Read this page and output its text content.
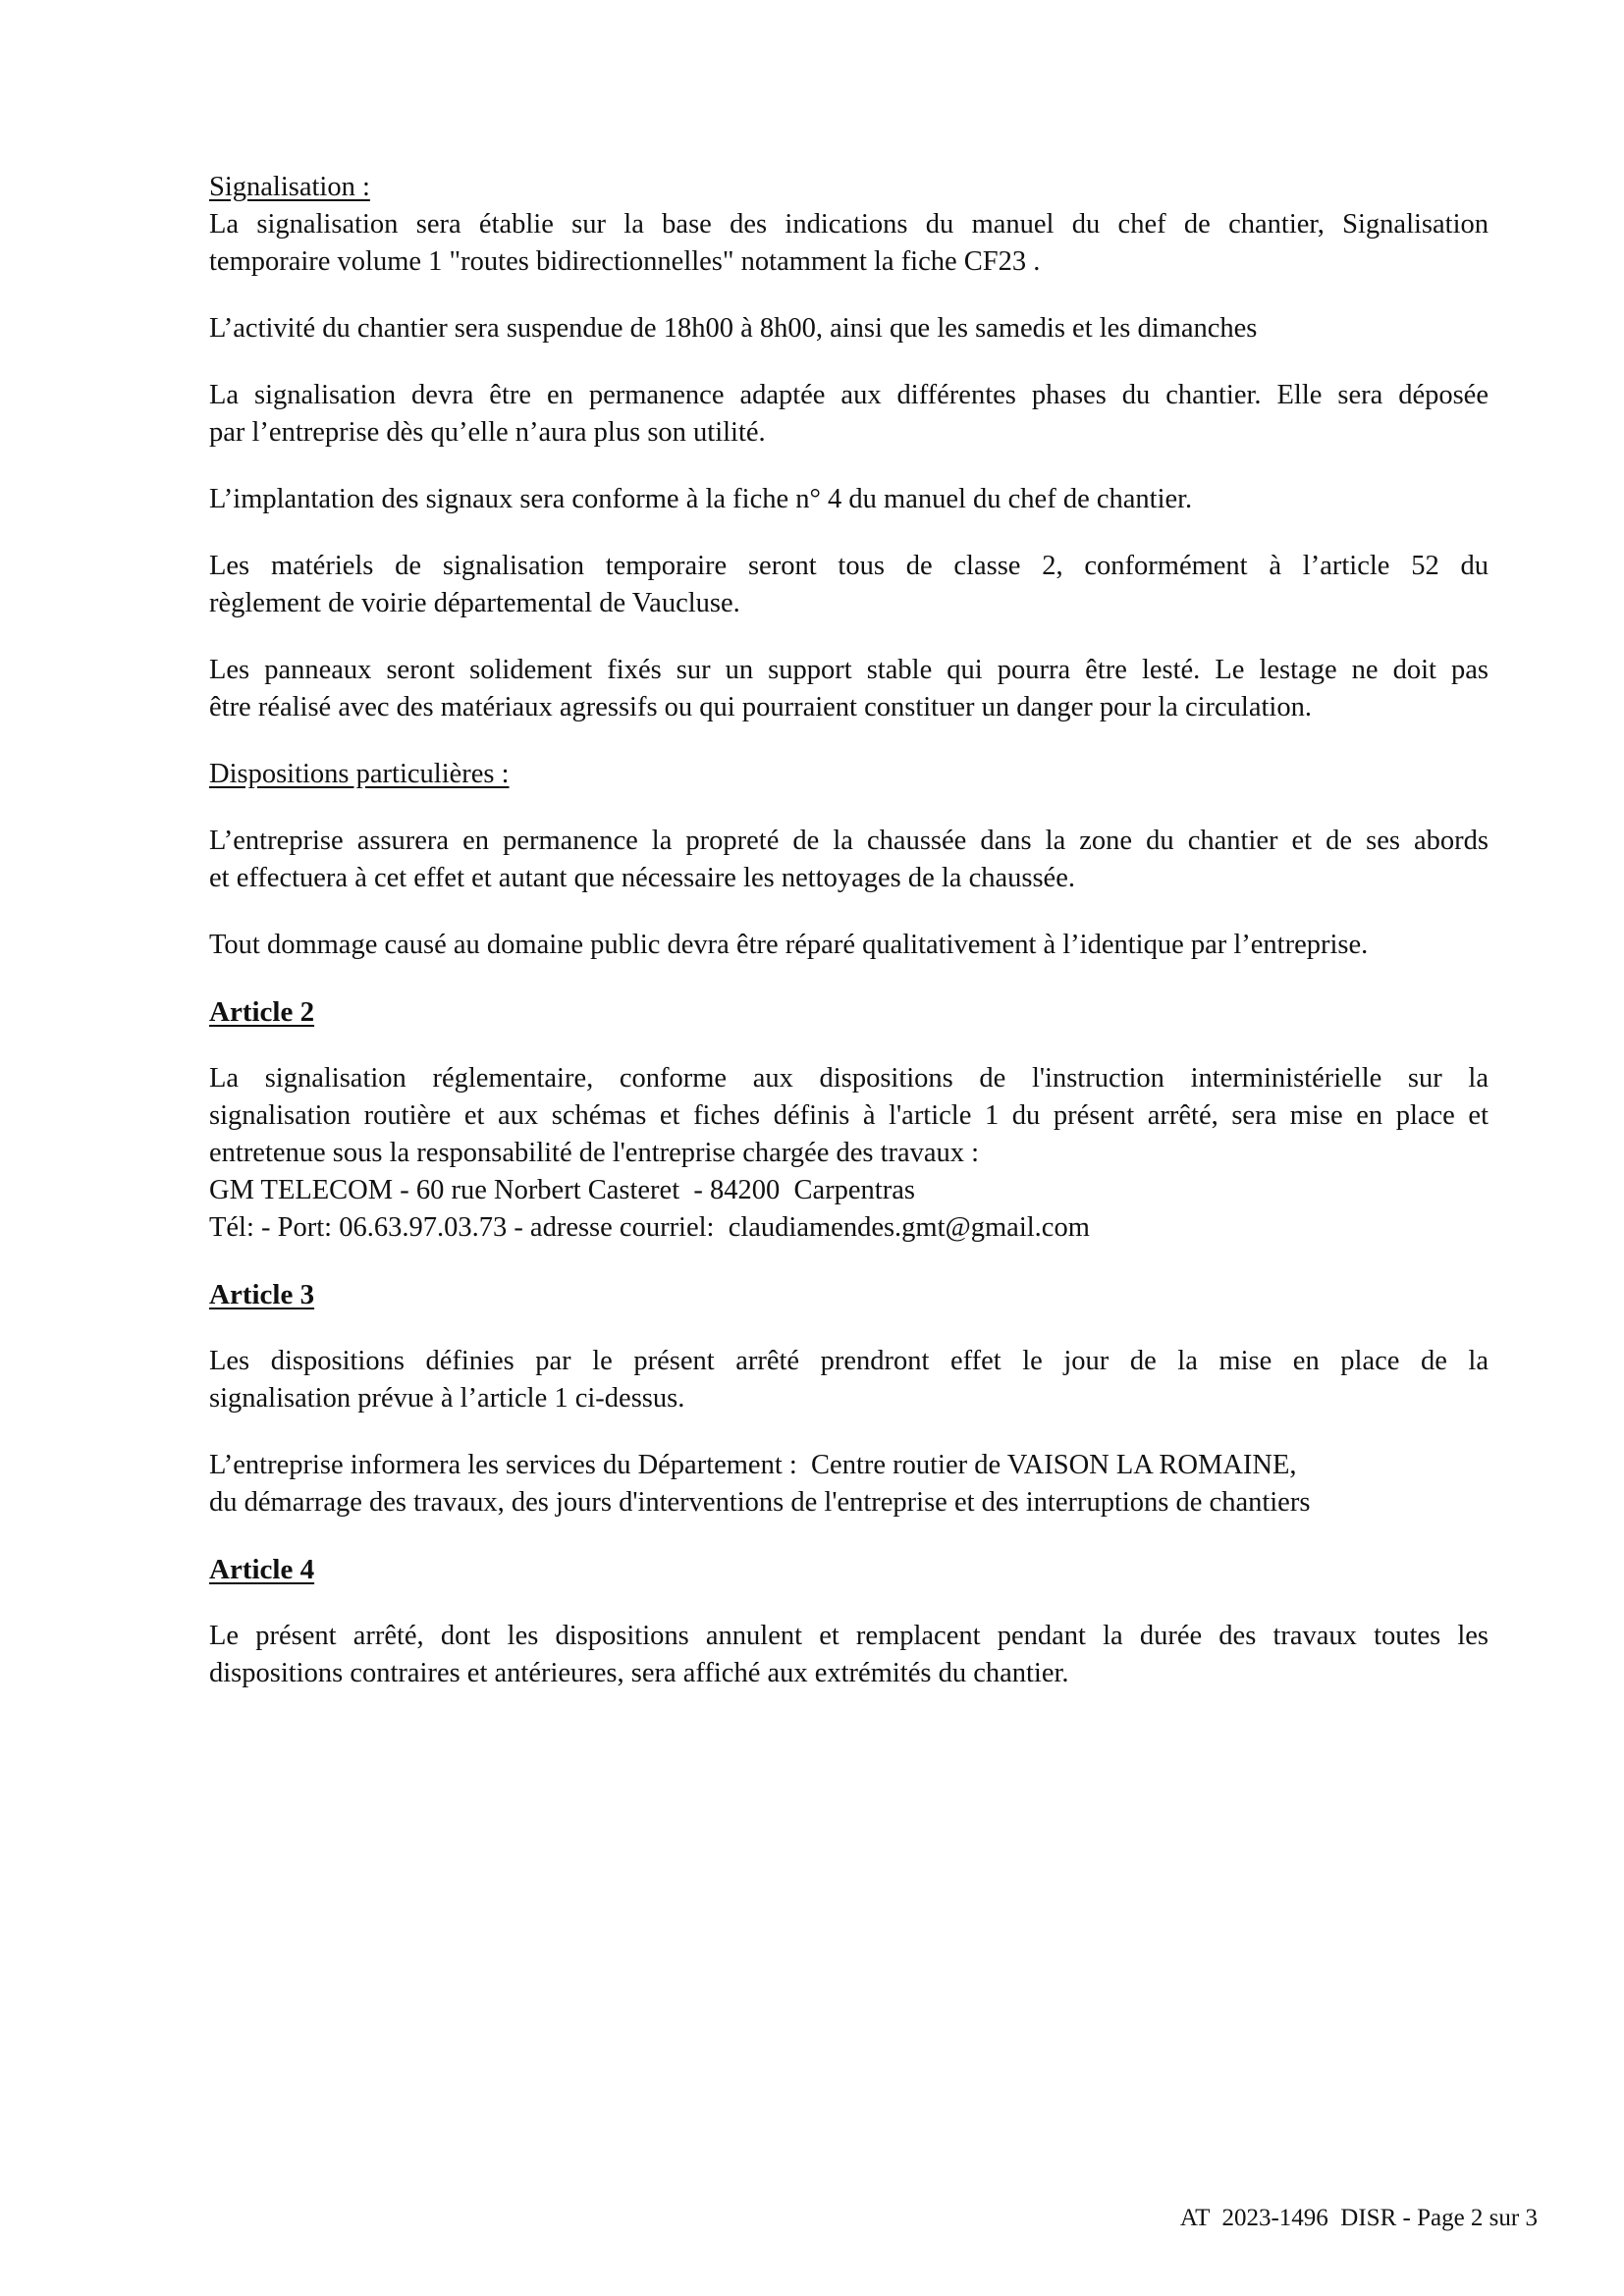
Signalisation :
La signalisation sera établie sur la base des indications du manuel du chef de chantier, Signalisation
temporaire volume 1 "routes bidirectionnelles" notamment la fiche CF23 .
L’activité du chantier sera suspendue de 18h00 à 8h00, ainsi que les samedis et les dimanches
La signalisation devra être en permanence adaptée aux différentes phases du chantier. Elle sera déposée
par l’entreprise dès qu’elle n’aura plus son utilité.
L’implantation des signaux sera conforme à la fiche n° 4 du manuel du chef de chantier.
Les matériels de signalisation temporaire seront tous de classe 2, conformément à l’article 52 du
règlement de voirie départemental de Vaucluse.
Les panneaux seront solidement fixés sur un support stable qui pourra être lesté. Le lestage ne doit pas
être réalisé avec des matériaux agressifs ou qui pourraient constituer un danger pour la circulation.
Dispositions particulières :
L’entreprise assurera en permanence la propreté de la chaussée dans la zone du chantier et de ses abords
et effectuera à cet effet et autant que nécessaire les nettoyages de la chaussée.
Tout dommage causé au domaine public devra être réparé qualitativement à l’identique par l’entreprise.
Article 2
La signalisation réglementaire, conforme aux dispositions de l'instruction interministérielle sur la
signalisation routière et aux schémas et fiches définis à l'article 1 du présent arrêté, sera mise en place et
entretenue sous la responsabilité de l'entreprise chargée des travaux :
GM TELECOM - 60 rue Norbert Casteret  - 84200  Carpentras
Tél: - Port: 06.63.97.03.73 - adresse courriel:  claudiamendes.gmt@gmail.com
Article 3
Les dispositions définies par le présent arrêté prendront effet le jour de la mise en place de la
signalisation prévue à l’article 1 ci-dessus.
L’entreprise informera les services du Département :  Centre routier de VAISON LA ROMAINE,
du démarrage des travaux, des jours d'interventions de l'entreprise et des interruptions de chantiers
Article 4
Le présent arrêté, dont les dispositions annulent et remplacent pendant la durée des travaux toutes les
dispositions contraires et antérieures, sera affiché aux extrémités du chantier.
AT  2023-1496  DISR - Page 2 sur 3
